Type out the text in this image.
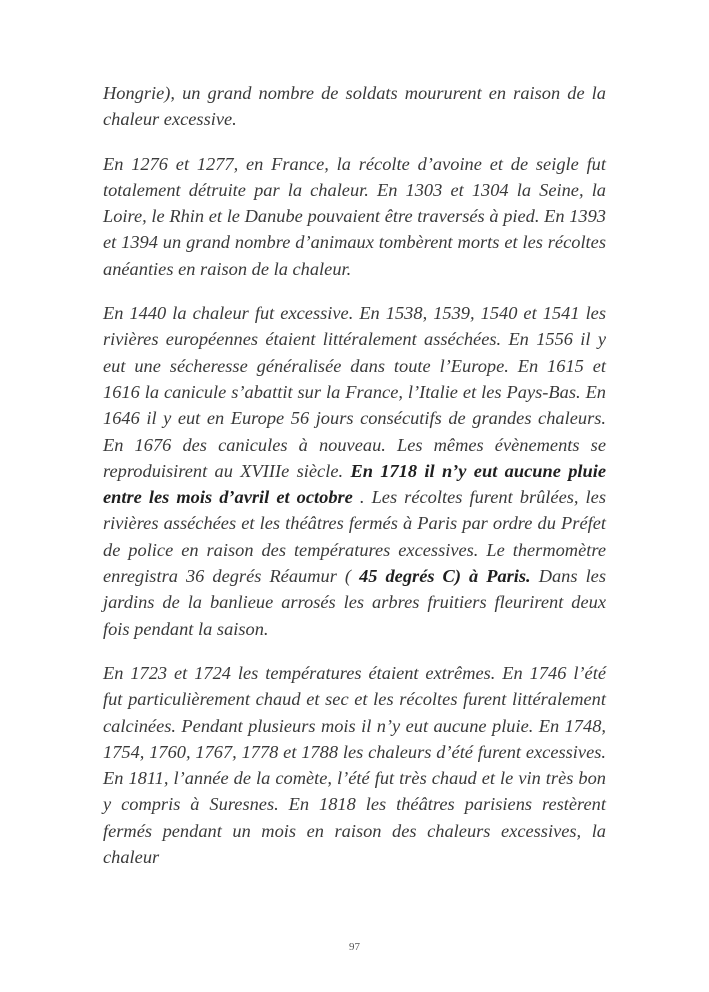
Hongrie), un grand nombre de soldats moururent en raison de la chaleur excessive.

En 1276 et 1277, en France, la récolte d’avoine et de seigle fut totalement détruite par la chaleur. En 1303 et 1304 la Seine, la Loire, le Rhin et le Danube pouvaient être traversés à pied. En 1393 et 1394 un grand nombre d’animaux tombèrent morts et les récoltes anéanties en raison de la chaleur.

En 1440 la chaleur fut excessive. En 1538, 1539, 1540 et 1541 les rivières européennes étaient littéralement asséchées. En 1556 il y eut une sécheresse généralisée dans toute l’Europe. En 1615 et 1616 la canicule s’abattit sur la France, l’Italie et les Pays-Bas. En 1646 il y eut en Europe 56 jours consécutifs de grandes chaleurs. En 1676 des canicules à nouveau. Les mêmes évènements se reproduisirent au XVIIIe siècle. En 1718 il n’y eut aucune pluie entre les mois d’avril et octobre . Les récoltes furent brûlées, les rivières asséchées et les théâtres fermés à Paris par ordre du Préfet de police en raison des températures excessives. Le thermomètre enregistra 36 degrés Réaumur ( 45 degrés C) à Paris. Dans les jardins de la banlieue arrosés les arbres fruitiers fleurirent deux fois pendant la saison.

En 1723 et 1724 les températures étaient extrêmes. En 1746 l’été fut particulièrement chaud et sec et les récoltes furent littéralement calcinées. Pendant plusieurs mois il n’y eut aucune pluie. En 1748, 1754, 1760, 1767, 1778 et 1788 les chaleurs d’été furent excessives. En 1811, l’année de la comète, l’été fut très chaud et le vin très bon y compris à Suresnes. En 1818 les théâtres parisiens restèrent fermés pendant un mois en raison des chaleurs excessives, la chaleur

97
